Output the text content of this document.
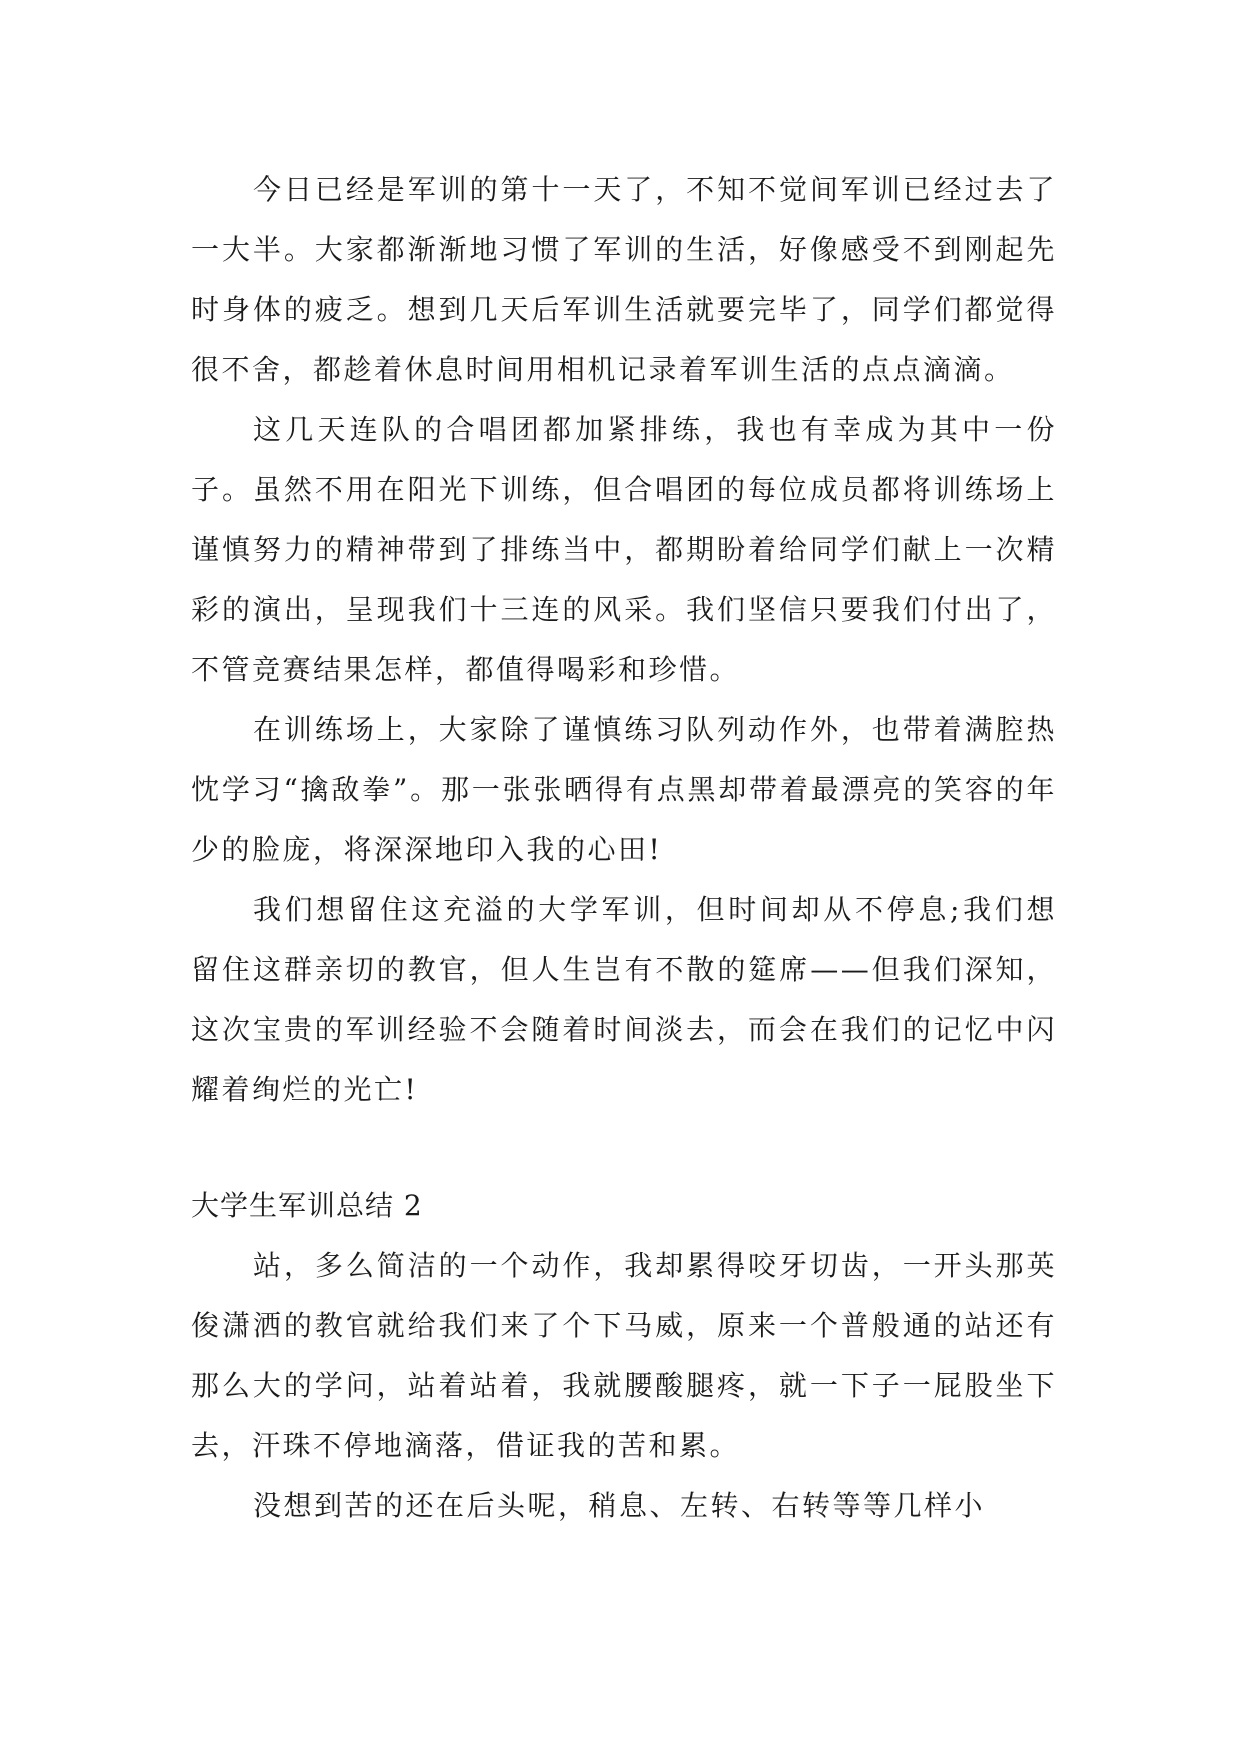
今日已经是军训的第十一天了，不知不觉间军训已经过去了一大半。大家都渐渐地习惯了军训的生活，好像感受不到刚起先时身体的疲乏。想到几天后军训生活就要完毕了，同学们都觉得很不舍，都趁着休息时间用相机记录着军训生活的点点滴滴。

这几天连队的合唱团都加紧排练，我也有幸成为其中一份子。虽然不用在阳光下训练，但合唱团的每位成员都将训练场上谨慎努力的精神带到了排练当中，都期盼着给同学们献上一次精彩的演出，呈现我们十三连的风采。我们坚信只要我们付出了，不管竞赛结果怎样，都值得喝彩和珍惜。

在训练场上，大家除了谨慎练习队列动作外，也带着满腔热忱学习“擒敌拳”。那一张张晒得有点黑却带着最漂亮的笑容的年少的脸庞，将深深地印入我的心田!

我们想留住这充溢的大学军训，但时间却从不停息;我们想留住这群亲切的教官，但人生岂有不散的筵席——但我们深知，这次宝贵的军训经验不会随着时间淡去，而会在我们的记忆中闪耀着绚烂的光亡!

大学生军训总结 2

站，多么简洁的一个动作，我却累得咬牙切齿，一开头那英俊潇洒的教官就给我们来了个下马威，原来一个普般通的站还有那么大的学问，站着站着，我就腰酸腿疼，就一下子一屁股坐下去，汗珠不停地滴落，借证我的苦和累。

没想到苦的还在后头呢，稍息、左转、右转等等几样小
